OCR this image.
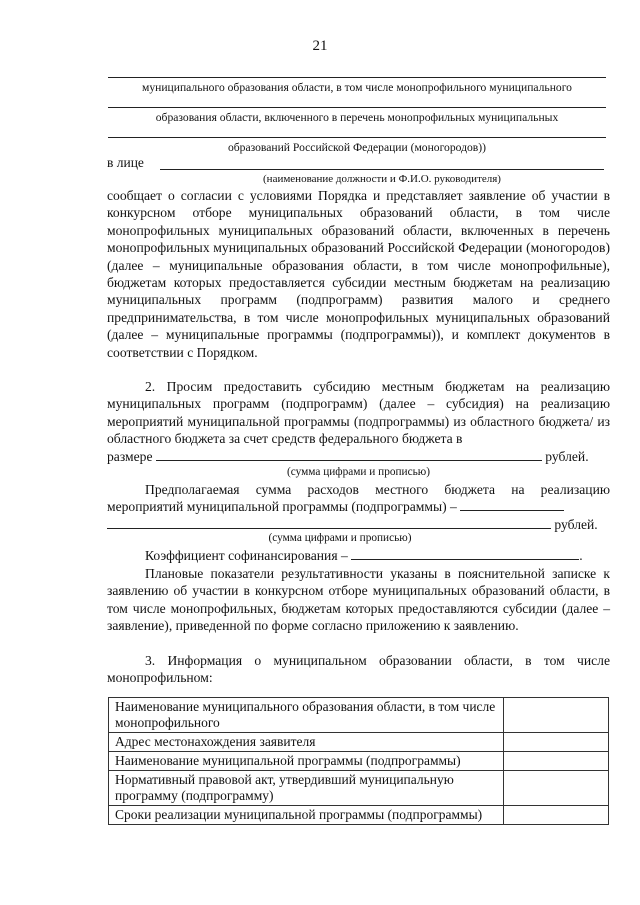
21
муниципального образования области, в том числе монопрофильного муниципального
образования области, включенного в перечень монопрофильных муниципальных
образований Российской Федерации (моногородов))
в лице
(наименование должности и Ф.И.О. руководителя)

сообщает о согласии с условиями Порядка и представляет заявление об участии в конкурсном отборе муниципальных образований области, в том числе монопрофильных муниципальных образований области, включенных в перечень монопрофильных муниципальных образований Российской Федерации (моногородов) (далее – муниципальные образования области, в том числе монопрофильные), бюджетам которых предоставляется субсидии местным бюджетам на реализацию муниципальных программ (подпрограмм) развития малого и среднего предпринимательства, в том числе монопрофильных муниципальных образований (далее – муниципальные программы (подпрограммы)), и комплект документов в соответствии с Порядком.

2. Просим предоставить субсидию местным бюджетам на реализацию муниципальных программ (подпрограмм) (далее – субсидия) на реализацию мероприятий муниципальной программы (подпрограммы) из областного бюджета/ из областного бюджета за счет средств федерального бюджета в

размере	рублей.

(сумма цифрами и прописью)

Предполагаемая сумма расходов местного бюджета на реализацию мероприятий муниципальной программы (подпрограммы) –

рублей.

(сумма цифрами и прописью)

Коэффициент софинансирования –	.

Плановые показатели результативности указаны в пояснительной записке к заявлению об участии в конкурсном отборе муниципальных образований области, в том числе монопрофильных, бюджетам которых предоставляются субсидии (далее – заявление), приведенной по форме согласно приложению к заявлению.

3. Информация о муниципальном образовании области, в том числе монопрофильном:

Наименование муниципального образования области, в том числе монопрофильного	
Адрес местонахождения заявителя	
Наименование муниципальной программы (подпрограммы)	
Нормативный правовой акт, утвердивший муниципальную программу (подпрограмму)	
Сроки реализации муниципальной программы (подпрограммы)	
